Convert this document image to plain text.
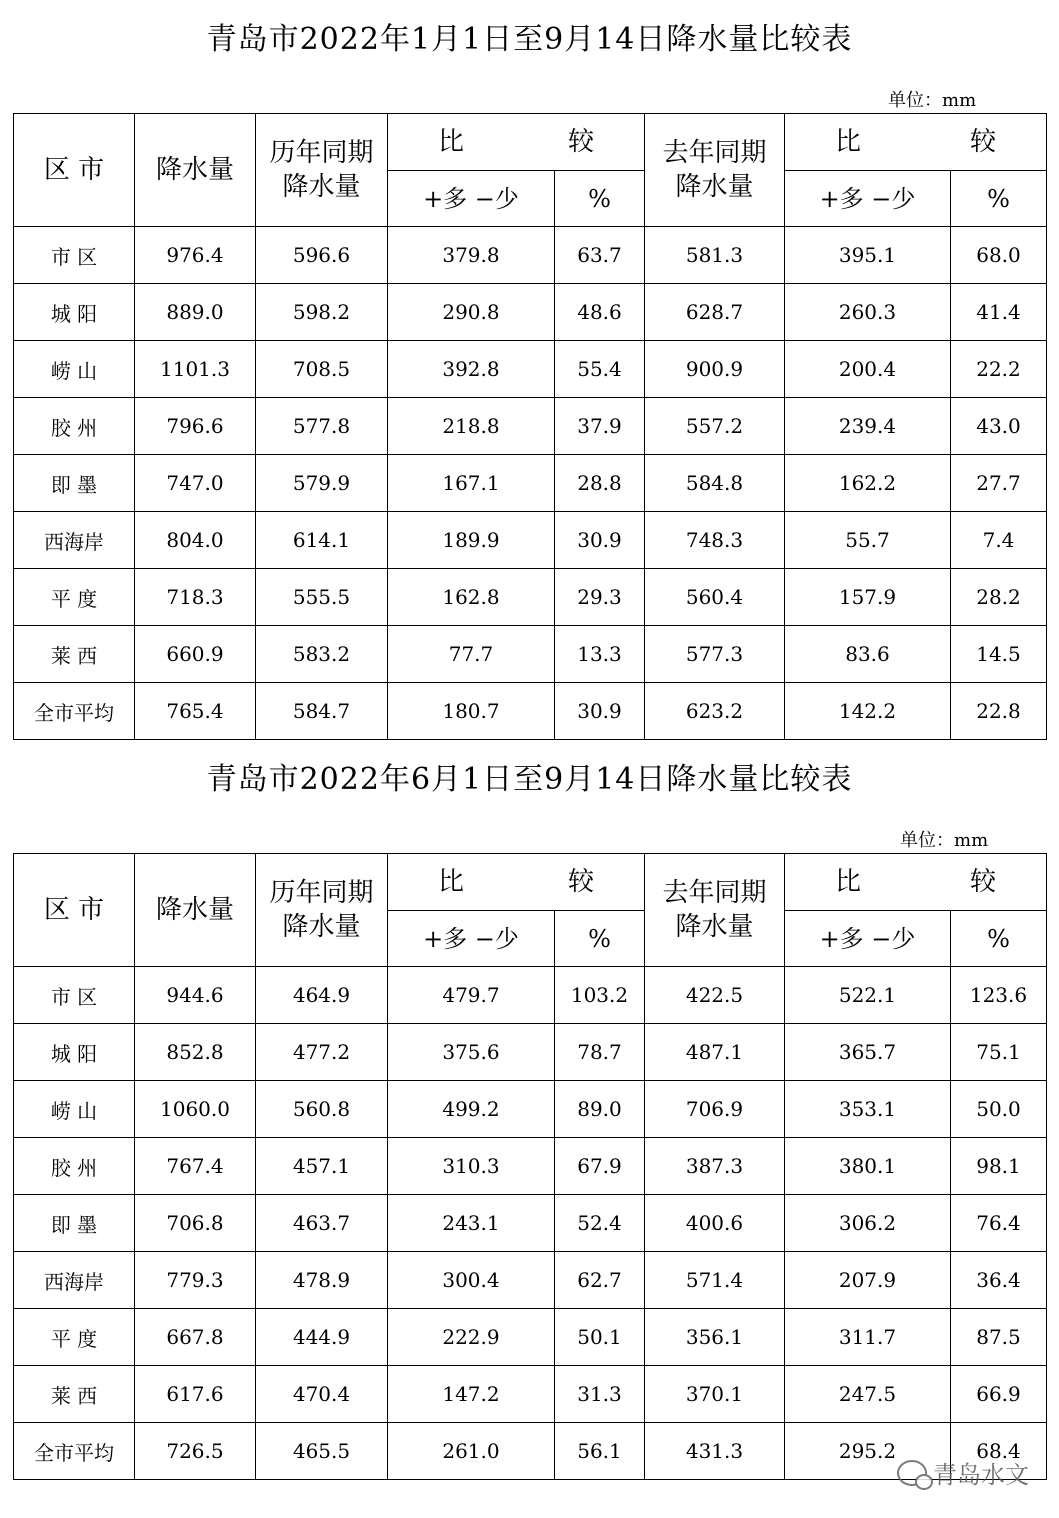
青岛市2022年1月1日至9月14日降水量比较表
单位：mm
区 市	降水量	历年同期降水量	比 较		去年同期降水量	比 较	

			+多 −少	%		+多 −少	%
市 区	976.4	596.6	379.8	63.7	581.3	395.1	68.0
城 阳	889.0	598.2	290.8	48.6	628.7	260.3	41.4
崂 山	1101.3	708.5	392.8	55.4	900.9	200.4	22.2
胶 州	796.6	577.8	218.8	37.9	557.2	239.4	43.0
即 墨	747.0	579.9	167.1	28.8	584.8	162.2	27.7
西海岸	804.0	614.1	189.9	30.9	748.3	55.7	7.4
平 度	718.3	555.5	162.8	29.3	560.4	157.9	28.2
莱 西	660.9	583.2	77.7	13.3	577.3	83.6	14.5
全市平均	765.4	584.7	180.7	30.9	623.2	142.2	22.8
青岛市2022年6月1日至9月14日降水量比较表
单位：mm
区 市	降水量	历年同期降水量	比 较		去年同期降水量	比 较	

			+多 −少	%		+多 −少	%
市 区	944.6	464.9	479.7	103.2	422.5	522.1	123.6
城 阳	852.8	477.2	375.6	78.7	487.1	365.7	75.1
崂 山	1060.0	560.8	499.2	89.0	706.9	353.1	50.0
胶 州	767.4	457.1	310.3	67.9	387.3	380.1	98.1
即 墨	706.8	463.7	243.1	52.4	400.6	306.2	76.4
西海岸	779.3	478.9	300.4	62.7	571.4	207.9	36.4
平 度	667.8	444.9	222.9	50.1	356.1	311.7	87.5
莱 西	617.6	470.4	147.2	31.3	370.1	247.5	66.9
全市平均	726.5	465.5	261.0	56.1	431.3	295.2	68.4
青岛水文
